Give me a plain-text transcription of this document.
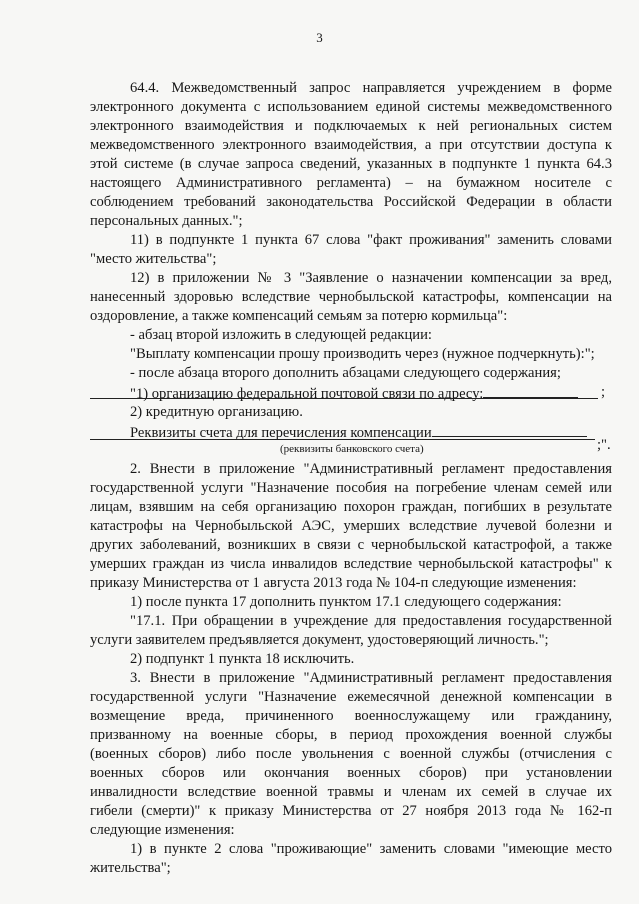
3
64.4. Межведомственный запрос направляется учреждением в форме
электронного документа с использованием единой системы межведомственного
электронного взаимодействия и подключаемых к ней региональных систем
межведомственного электронного взаимодействия, а при отсутствии доступа к
этой системе (в случае запроса сведений, указанных в подпункте 1 пункта 64.3
настоящего Административного регламента) – на бумажном носителе с
соблюдением требований законодательства Российской Федерации в области
персональных данных.";
11) в подпункте 1 пункта 67 слова "факт проживания" заменить словами
"место жительства";
12) в приложении № 3 "Заявление о назначении компенсации за вред,
нанесенный здоровью вследствие чернобыльской катастрофы, компенсации на
оздоровление, а также компенсаций семьям за потерю кормильца":
- абзац второй изложить в следующей редакции:
"Выплату компенсации прошу производить через (нужное подчеркнуть):";
- после абзаца второго дополнить абзацами следующего содержания;
2) кредитную организацию.
2. Внести в приложение "Административный регламент предоставления
государственной услуги "Назначение пособия на погребение членам семей или
лицам, взявшим на себя организацию похорон граждан, погибших в результате
катастрофы на Чернобыльской АЭС, умерших вследствие лучевой болезни и
других заболеваний, возникших в связи с чернобыльской катастрофой, а также
умерших граждан из числа инвалидов вследствие чернобыльской катастрофы" к
приказу Министерства от 1 августа 2013 года № 104-п следующие изменения:
1) после пункта 17 дополнить пунктом 17.1 следующего содержания:
"17.1. При обращении в учреждение для предоставления государственной
услуги заявителем предъявляется документ, удостоверяющий личность.";
2) подпункт 1 пункта 18 исключить.
3. Внести в приложение "Административный регламент предоставления
государственной услуги "Назначение ежемесячной денежной компенсации в
возмещение вреда, причиненного военнослужащему или гражданину,
призванному на военные сборы, в период прохождения военной службы
(военных сборов) либо после увольнения с военной службы (отчисления с
военных сборов или окончания военных сборов) при установлении
инвалидности вследствие военной травмы и членам их семей в случае их
гибели (смерти)" к приказу Министерства от 27 ноября 2013 года № 162-п
следующие изменения:
1) в пункте 2 слова "проживающие" заменить словами "имеющие место
жительства";
"1) организацию федеральной почтовой связи по адресу:	;
Реквизиты счета для перечисления компенсации
(реквизиты банковского счета)	;".
